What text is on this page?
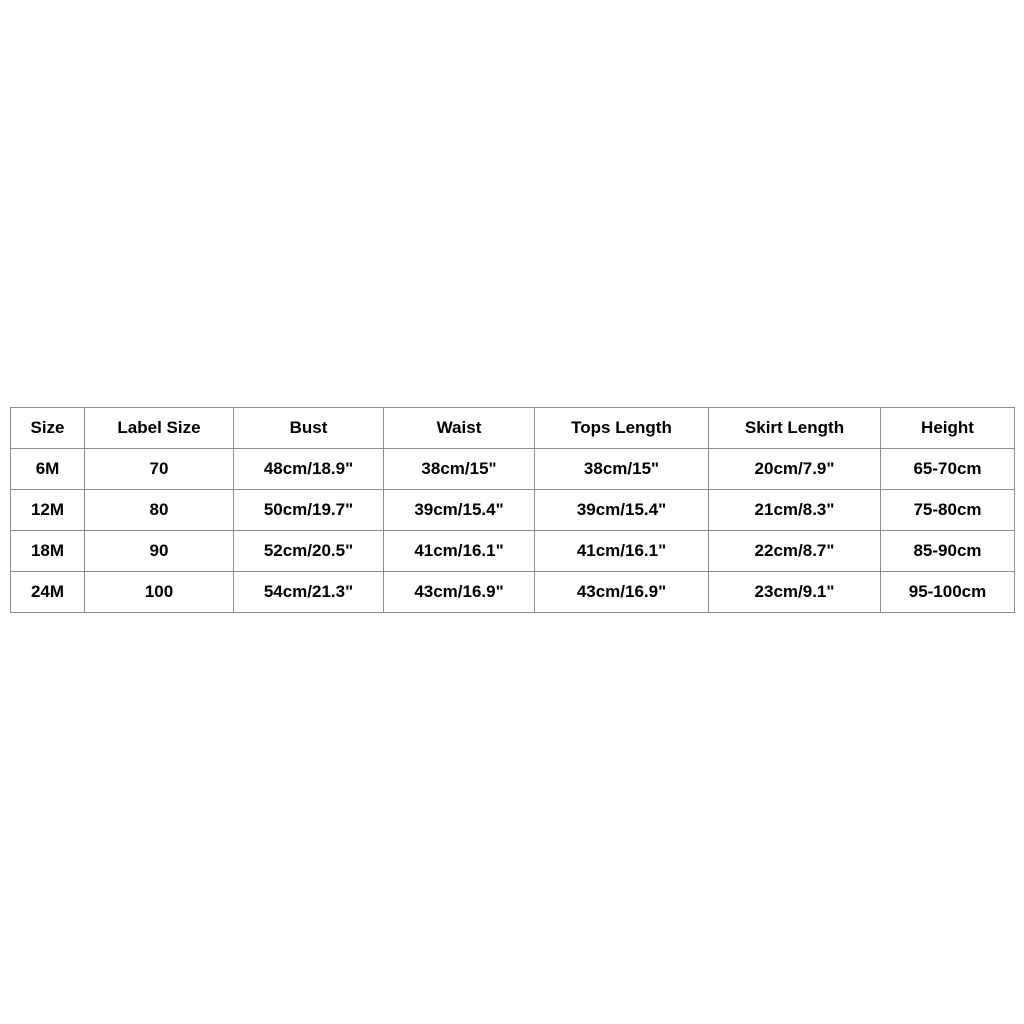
Size	Label Size	Bust	Waist	Tops Length	Skirt Length	Height
6M	70	48cm/18.9"	38cm/15"	38cm/15"	20cm/7.9"	65-70cm
12M	80	50cm/19.7"	39cm/15.4"	39cm/15.4"	21cm/8.3"	75-80cm
18M	90	52cm/20.5"	41cm/16.1"	41cm/16.1"	22cm/8.7"	85-90cm
24M	100	54cm/21.3"	43cm/16.9"	43cm/16.9"	23cm/9.1"	95-100cm
